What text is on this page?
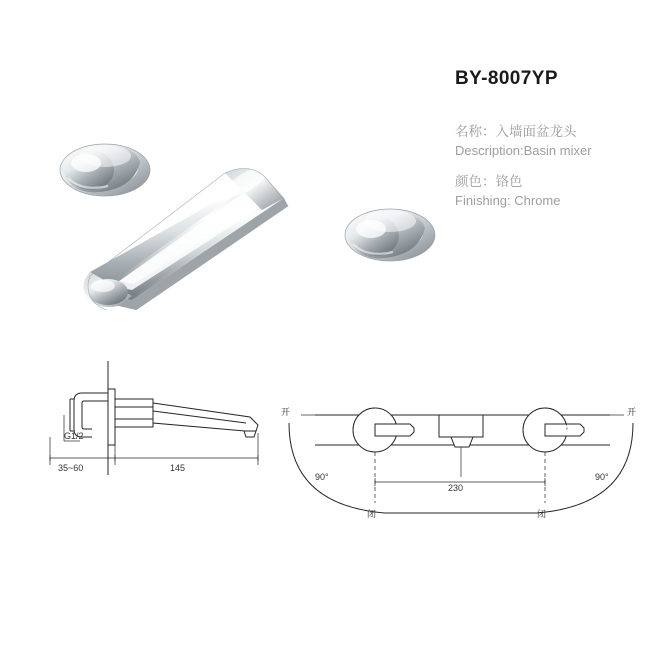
BY-8007YP
名称：入墙面盆龙头
Description:Basin mixer
颜色：铬色
Finishing: Chrome
G1/2
35~60	145
开	开
90°	90°
闭	闭
230
